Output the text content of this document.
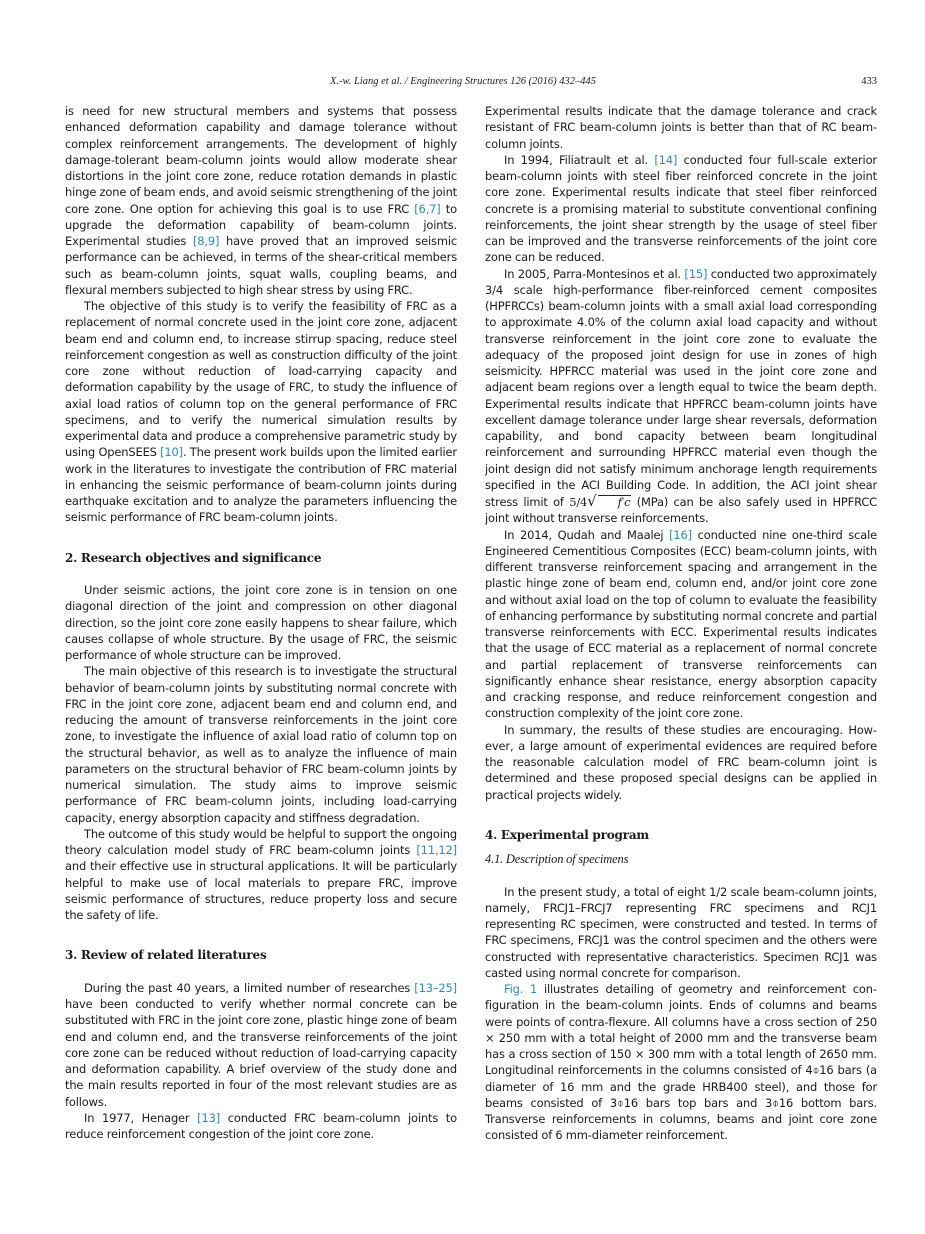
X.-w. Liang et al. / Engineering Structures 126 (2016) 432–445	433

is need for new structural members and systems that possess enhanced deformation capability and damage tolerance without complex reinforcement arrangements. The development of highly damage-tolerant beam-column joints would allow moderate shear distortions in the joint core zone, reduce rotation demands in plastic hinge zone of beam ends, and avoid seismic strengthening of the joint core zone. One option for achieving this goal is to use FRC [6,7] to upgrade the deformation capability of beam-column joints. Experimental studies [8,9] have proved that an improved seismic performance can be achieved, in terms of the shear-critical members such as beam-column joints, squat walls, coupling beams, and flexural members subjected to high shear stress by using FRC.

The objective of this study is to verify the feasibility of FRC as a replacement of normal concrete used in the joint core zone, adjacent beam end and column end, to increase stirrup spacing, reduce steel reinforcement congestion as well as construction difficulty of the joint core zone without reduction of load-carrying capacity and deformation capability by the usage of FRC, to study the influence of axial load ratios of column top on the general performance of FRC specimens, and to verify the numerical simulation results by experimental data and produce a comprehensive parametric study by using OpenSEES [10]. The present work builds upon the limited earlier work in the literatures to investigate the contribution of FRC material in enhancing the seismic performance of beam-column joints during earthquake excitation and to analyze the parameters influencing the seismic performance of FRC beam-column joints.

2. Research objectives and significance

Under seismic actions, the joint core zone is in tension on one diagonal direction of the joint and compression on other diagonal direction, so the joint core zone easily happens to shear failure, which causes collapse of whole structure. By the usage of FRC, the seismic performance of whole structure can be improved.

The main objective of this research is to investigate the structural behavior of beam-column joints by substituting normal concrete with FRC in the joint core zone, adjacent beam end and column end, and reducing the amount of transverse reinforcements in the joint core zone, to investigate the influence of axial load ratio of column top on the structural behavior, as well as to analyze the influence of main parameters on the structural behavior of FRC beam-column joints by numerical simulation. The study aims to improve seismic performance of FRC beam-column joints, including load-carrying capacity, energy absorption capacity and stiffness degradation.

The outcome of this study would be helpful to support the ongoing theory calculation model study of FRC beam-column joints [11,12] and their effective use in structural applications. It will be particularly helpful to make use of local materials to prepare FRC, improve seismic performance of structures, reduce property loss and secure the safety of life.

3. Review of related literatures

During the past 40 years, a limited number of researches [13–25] have been conducted to verify whether normal concrete can be substituted with FRC in the joint core zone, plastic hinge zone of beam end and column end, and the transverse reinforcements of the joint core zone can be reduced without reduction of load-carrying capacity and deformation capability. A brief overview of the study done and the main results reported in four of the most relevant studies are as follows.

In 1977, Henager [13] conducted FRC beam-column joints to reduce reinforcement congestion of the joint core zone.

Experimental results indicate that the damage tolerance and crack resistant of FRC beam-column joints is better than that of RC beam-column joints.

In 1994, Filiatrault et al. [14] conducted four full-scale exterior beam-column joints with steel fiber reinforced concrete in the joint core zone. Experimental results indicate that steel fiber reinforced concrete is a promising material to substitute conventional confining reinforcements, the joint shear strength by the usage of steel fiber can be improved and the transverse reinforcements of the joint core zone can be reduced.

In 2005, Parra-Montesinos et al. [15] conducted two approximately 3/4 scale high-performance fiber-reinforced cement composites (HPFRCCs) beam-column joints with a small axial load corresponding to approximate 4.0% of the column axial load capacity and without transverse reinforcement in the joint core zone to evaluate the adequacy of the proposed joint design for use in zones of high seismicity. HPFRCC material was used in the joint core zone and adjacent beam regions over a length equal to twice the beam depth. Experimental results indicate that HPFRCC beam-column joints have excellent damage tolerance under large shear reversals, deformation capability, and bond capacity between beam longitudinal reinforcement and surrounding HPFRCC material even though the joint design did not satisfy minimum anchorage length requirements specified in the ACI Building Code. In addition, the ACI joint shear stress limit of 5/4√ f′c (MPa) can be also safely used in HPFRCC joint without transverse reinforcements.

In 2014, Qudah and Maalej [16] conducted nine one-third scale Engineered Cementitious Composites (ECC) beam-column joints, with different transverse reinforcement spacing and arrangement in the plastic hinge zone of beam end, column end, and/or joint core zone and without axial load on the top of column to evaluate the feasibility of enhancing performance by substituting normal concrete and partial transverse reinforcements with ECC. Experimental results indicates that the usage of ECC material as a replacement of normal concrete and partial replacement of transverse reinforcements can significantly enhance shear resistance, energy absorption capacity and cracking response, and reduce reinforcement congestion and construction complexity of the joint core zone.

In summary, the results of these studies are encouraging. However, a large amount of experimental evidences are required before the reasonable calculation model of FRC beam-column joint is determined and these proposed special designs can be applied in practical projects widely.

4. Experimental program
4.1. Description of specimens

In the present study, a total of eight 1/2 scale beam-column joints, namely, FRCJ1–FRCJ7 representing FRC specimens and RCJ1 representing RC specimen, were constructed and tested. In terms of FRC specimens, FRCJ1 was the control specimen and the others were constructed with representative characteristics. Specimen RCJ1 was casted using normal concrete for comparison.

Fig. 1 illustrates detailing of geometry and reinforcement configuration in the beam-column joints. Ends of columns and beams were points of contra-flexure. All columns have a cross section of 250 × 250 mm with a total height of 2000 mm and the transverse beam has a cross section of 150 × 300 mm with a total length of 2650 mm. Longitudinal reinforcements in the columns consisted of 4⌽16 bars (a diameter of 16 mm and the grade HRB400 steel), and those for beams consisted of 3⌽16 bars top bars and 3⌽16 bottom bars. Transverse reinforcements in columns, beams and joint core zone consisted of 6 mm-diameter reinforcement.
